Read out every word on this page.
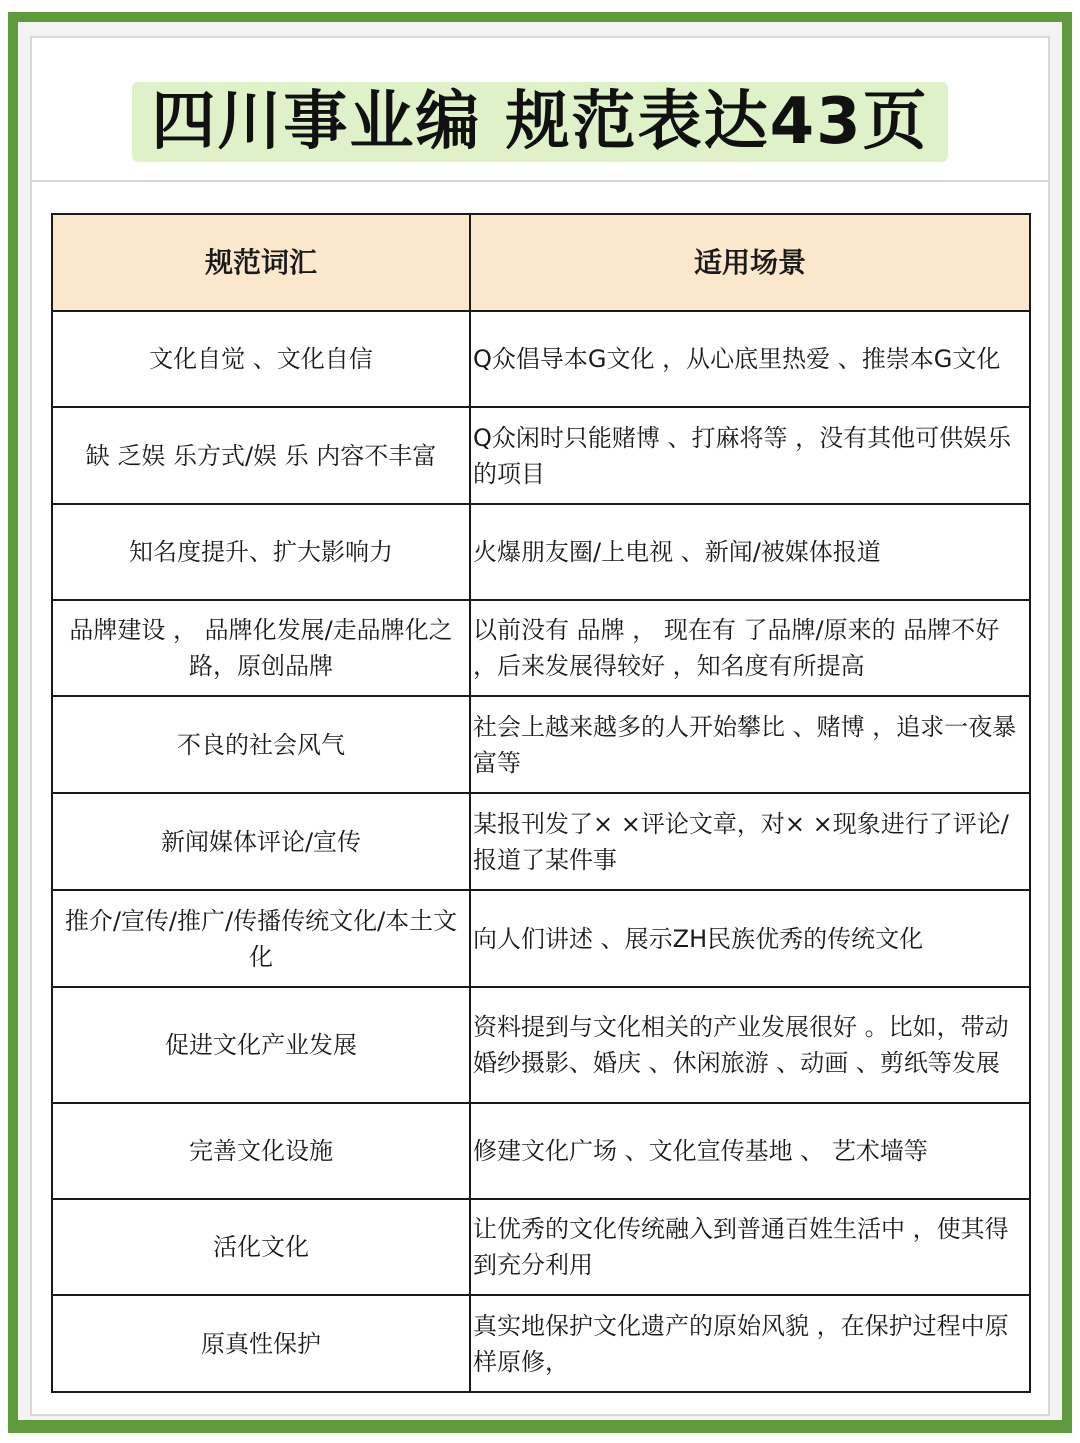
四川事业编 规范表达43页
规范词汇	适用场景
文化自觉 、文化自信	Q众倡导本G文化 ，从心底里热爱 、推崇本G文化
缺 乏娱 乐方式/娱 乐 内容不丰富	Q众闲时只能赌博 、打麻将等 ，没有其他可供娱乐的项目
知名度提升、扩大影响力	火爆朋友圈/上电视 、新闻/被媒体报道
品牌建设 ， 品牌化发展/走品牌化之路，原创品牌	以前没有 品牌 ， 现在有 了品牌/原来的 品牌不好 ，后来发展得较好 ，知名度有所提高
不良的社会风气	社会上越来越多的人开始攀比 、赌博 ，追求一夜暴富等
新闻媒体评论/宣传	某报刊发了× ×评论文章，对× ×现象进行了评论/报道了某件事
推介/宣传/推广/传播传统文化/本土文化	向人们讲述 、展示ZH民族优秀的传统文化
促进文化产业发展	资料提到与文化相关的产业发展很好 。比如，带动婚纱摄影、婚庆 、休闲旅游 、动画 、剪纸等发展
完善文化设施	修建文化广场 、文化宣传基地 、 艺术墙等
活化文化	让优秀的文化传统融入到普通百姓生活中 ，使其得到充分利用
原真性保护	真实地保护文化遗产的原始风貌 ，在保护过程中原样原修，
